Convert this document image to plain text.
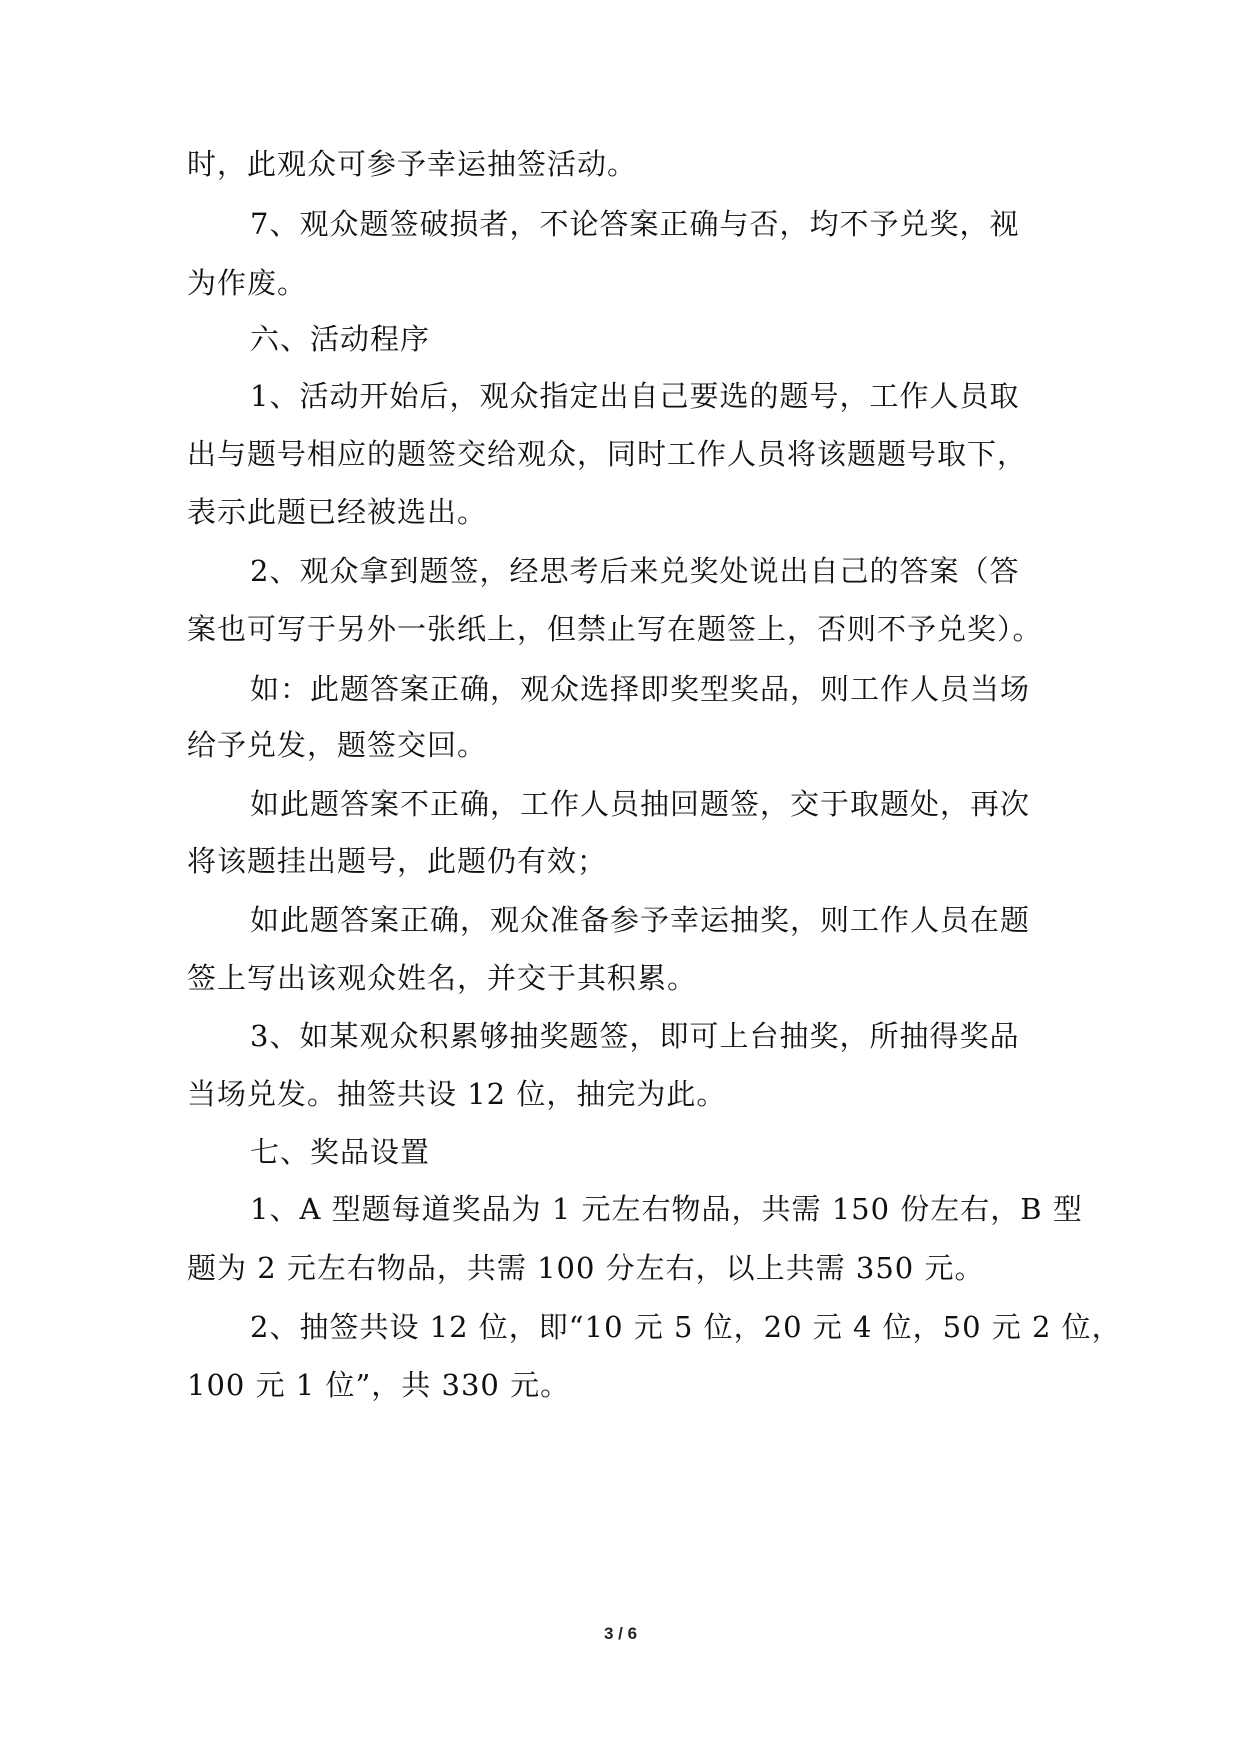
时，此观众可参予幸运抽签活动。
7、观众题签破损者，不论答案正确与否，均不予兑奖，视
为作废。
六、活动程序
1、活动开始后，观众指定出自己要选的题号，工作人员取
出与题号相应的题签交给观众，同时工作人员将该题题号取下，
表示此题已经被选出。
2、观众拿到题签，经思考后来兑奖处说出自己的答案（答
案也可写于另外一张纸上，但禁止写在题签上，否则不予兑奖）。
如：此题答案正确，观众选择即奖型奖品，则工作人员当场
给予兑发，题签交回。
如此题答案不正确，工作人员抽回题签，交于取题处，再次
将该题挂出题号，此题仍有效；
如此题答案正确，观众准备参予幸运抽奖，则工作人员在题
签上写出该观众姓名，并交于其积累。
3、如某观众积累够抽奖题签，即可上台抽奖，所抽得奖品
当场兑发。抽签共设 12 位，抽完为此。
七、奖品设置
1、A 型题每道奖品为 1 元左右物品，共需 150 份左右，B 型
题为 2 元左右物品，共需 100 分左右，以上共需 350 元。
2、抽签共设 12 位，即“10 元 5 位，20 元 4 位，50 元 2 位，
100 元 1 位”，共 330 元。
3 / 6
